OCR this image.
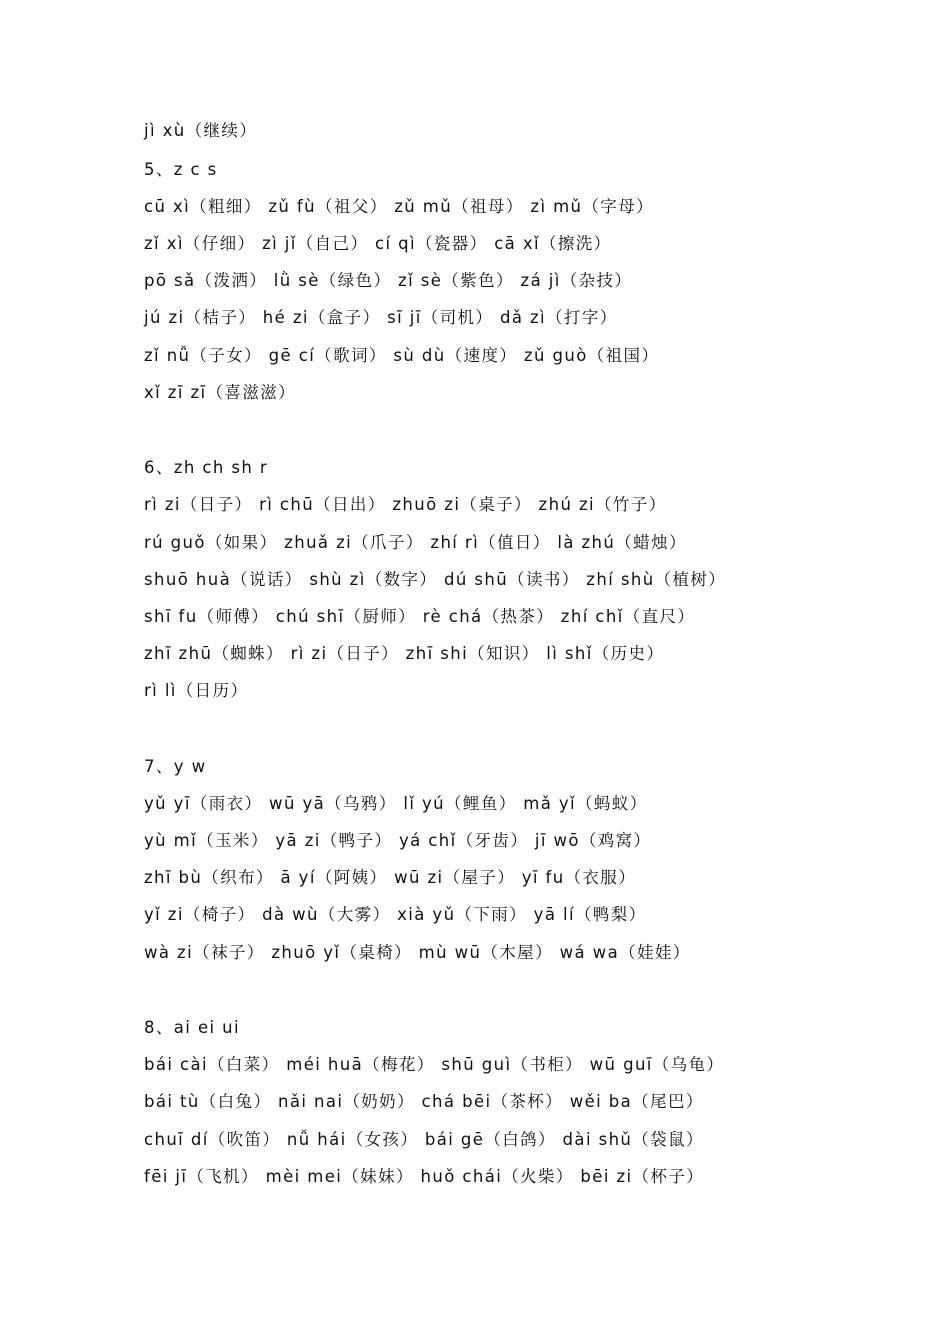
jì xù（继续）
5、z c s
cū xì（粗细） zǔ fù（祖父） zǔ mǔ（祖母） zì mǔ（字母）
zǐ xì（仔细） zì jǐ（自己） cí qì（瓷器） cā xǐ（擦洗）
pō sǎ（泼洒） lǜ sè（绿色） zǐ sè（紫色） zá jì（杂技）
jú zi（桔子） hé zi（盒子） sī jī（司机） dǎ zì（打字）
zǐ nǚ（子女） gē cí（歌词） sù dù（速度） zǔ guò（祖国）
xǐ zī zī（喜滋滋）
6、zh ch sh r
rì zi（日子） rì chū（日出） zhuō zi（桌子） zhú zi（竹子）
rú guǒ（如果） zhuǎ zi（爪子） zhí rì（值日） là zhú（蜡烛）
shuō huà（说话） shù zì（数字） dú shū（读书） zhí shù（植树）
shī fu（师傅） chú shī（厨师） rè chá（热茶） zhí chǐ（直尺）
zhī zhū（蜘蛛） rì zi（日子） zhī shi（知识） lì shǐ（历史）
rì lì（日历）
7、y w
yǔ yī（雨衣） wū yā（乌鸦） lǐ yú（鲤鱼） mǎ yǐ（蚂蚁）
yù mǐ（玉米） yā zi（鸭子） yá chǐ（牙齿） jī wō（鸡窝）
zhī bù（织布） ā yí（阿姨） wū zi（屋子） yī fu（衣服）
yǐ zi（椅子） dà wù（大雾） xià yǔ（下雨） yā lí（鸭梨）
wà zi（袜子） zhuō yǐ（桌椅） mù wū（木屋） wá wa（娃娃）
8、ai ei ui
bái cài（白菜） méi huā（梅花） shū guì（书柜） wū guī（乌龟）
bái tù（白兔） nǎi nai（奶奶） chá bēi（茶杯） wěi ba（尾巴）
chuī dí（吹笛） nǚ hái（女孩） bái gē（白鸽） dài shǔ（袋鼠）
fēi jī（飞机） mèi mei（妹妹） huǒ chái（火柴） bēi zi（杯子）
